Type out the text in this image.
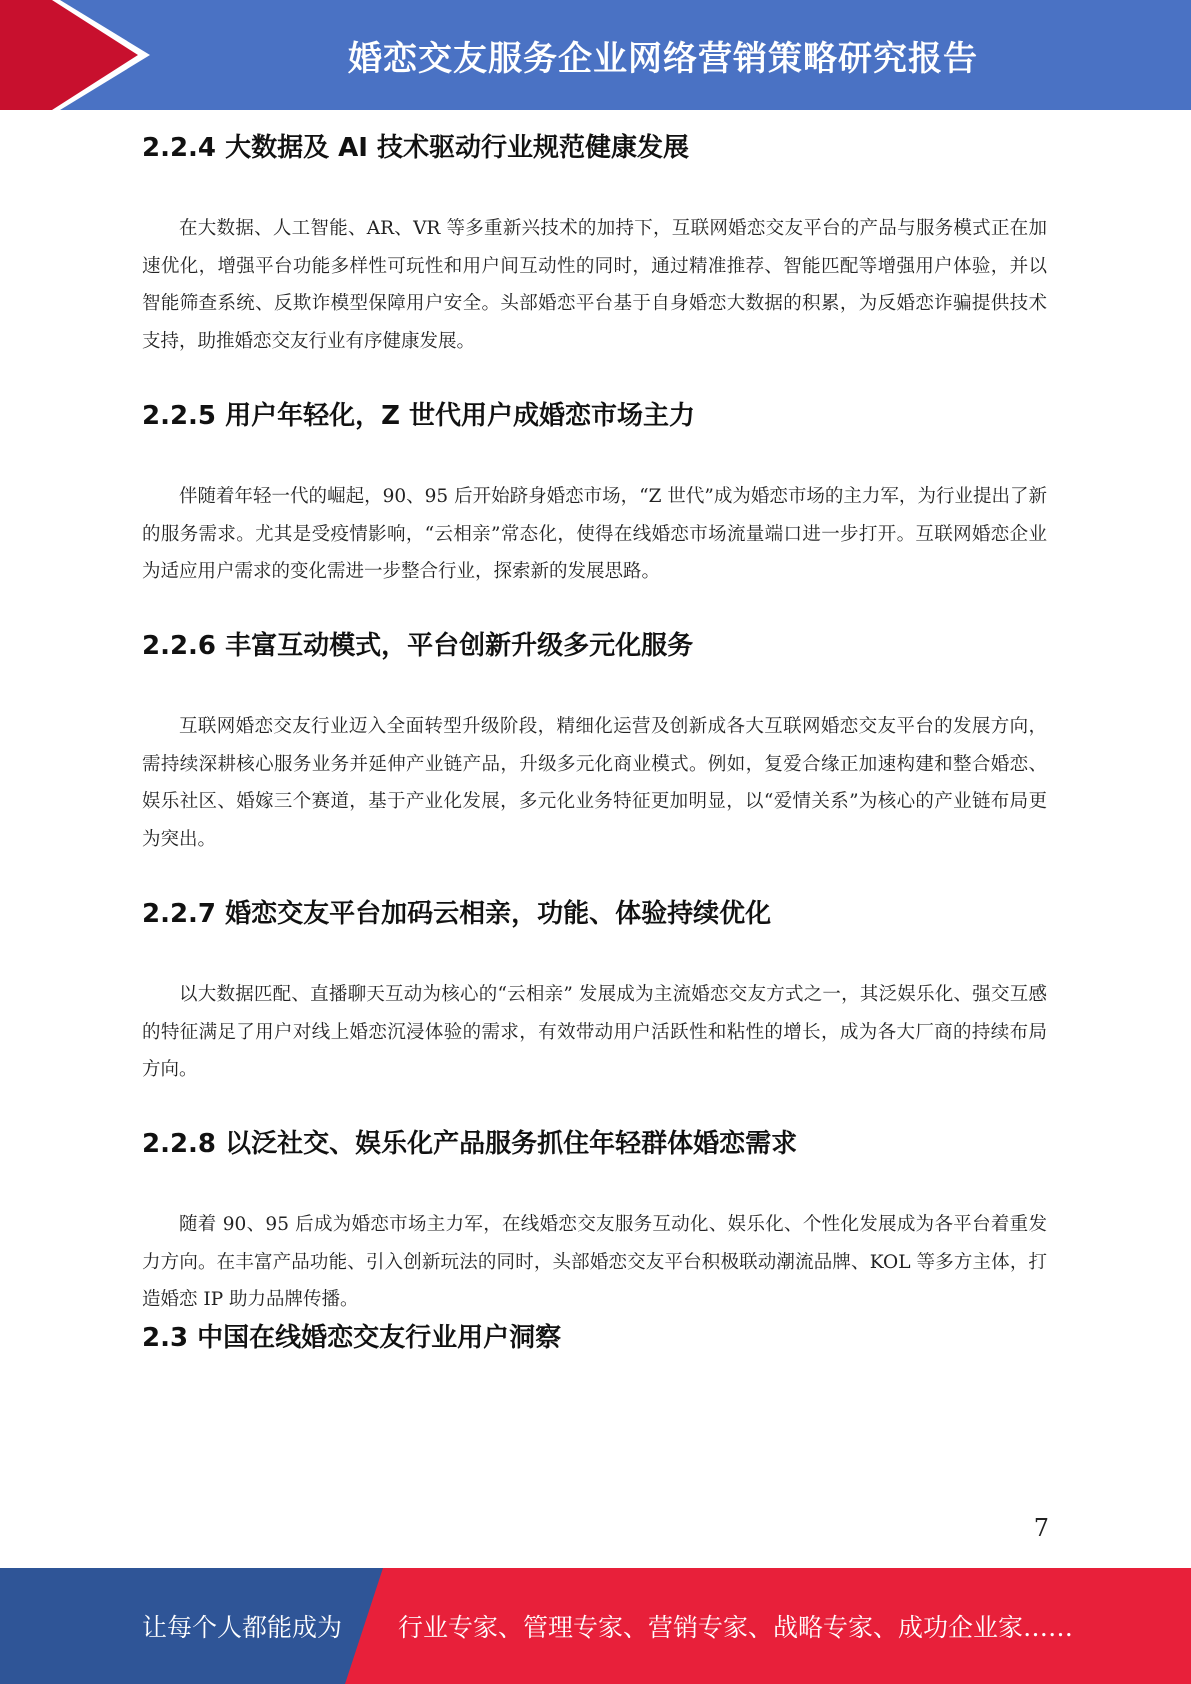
婚恋交友服务企业网络营销策略研究报告
2.2.4 大数据及 AI 技术驱动行业规范健康发展

在大数据、人工智能、AR、VR 等多重新兴技术的加持下，互联网婚恋交友平台的产品与服务模式正在加速优化，增强平台功能多样性可玩性和用户间互动性的同时，通过精准推荐、智能匹配等增强用户体验，并以智能筛查系统、反欺诈模型保障用户安全。头部婚恋平台基于自身婚恋大数据的积累，为反婚恋诈骗提供技术支持，助推婚恋交友行业有序健康发展。

2.2.5 用户年轻化，Z 世代用户成婚恋市场主力

伴随着年轻一代的崛起，90、95 后开始跻身婚恋市场，“Z 世代”成为婚恋市场的主力军，为行业提出了新的服务需求。尤其是受疫情影响，“云相亲”常态化，使得在线婚恋市场流量端口进一步打开。互联网婚恋企业为适应用户需求的变化需进一步整合行业，探索新的发展思路。

2.2.6 丰富互动模式，平台创新升级多元化服务

互联网婚恋交友行业迈入全面转型升级阶段，精细化运营及创新成各大互联网婚恋交友平台的发展方向，需持续深耕核心服务业务并延伸产业链产品，升级多元化商业模式。例如，复爱合缘正加速构建和整合婚恋、娱乐社区、婚嫁三个赛道，基于产业化发展，多元化业务特征更加明显，以“爱情关系”为核心的产业链布局更为突出。

2.2.7 婚恋交友平台加码云相亲，功能、体验持续优化

以大数据匹配、直播聊天互动为核心的“云相亲” 发展成为主流婚恋交友方式之一，其泛娱乐化、强交互感的特征满足了用户对线上婚恋沉浸体验的需求，有效带动用户活跃性和粘性的增长，成为各大厂商的持续布局方向。

2.2.8 以泛社交、娱乐化产品服务抓住年轻群体婚恋需求

随着 90、95 后成为婚恋市场主力军，在线婚恋交友服务互动化、娱乐化、个性化发展成为各平台着重发力方向。在丰富产品功能、引入创新玩法的同时，头部婚恋交友平台积极联动潮流品牌、KOL 等多方主体，打造婚恋 IP 助力品牌传播。

2.3 中国在线婚恋交友行业用户洞察
7
让每个人都能成为 行业专家、管理专家、营销专家、战略专家、成功企业家……
